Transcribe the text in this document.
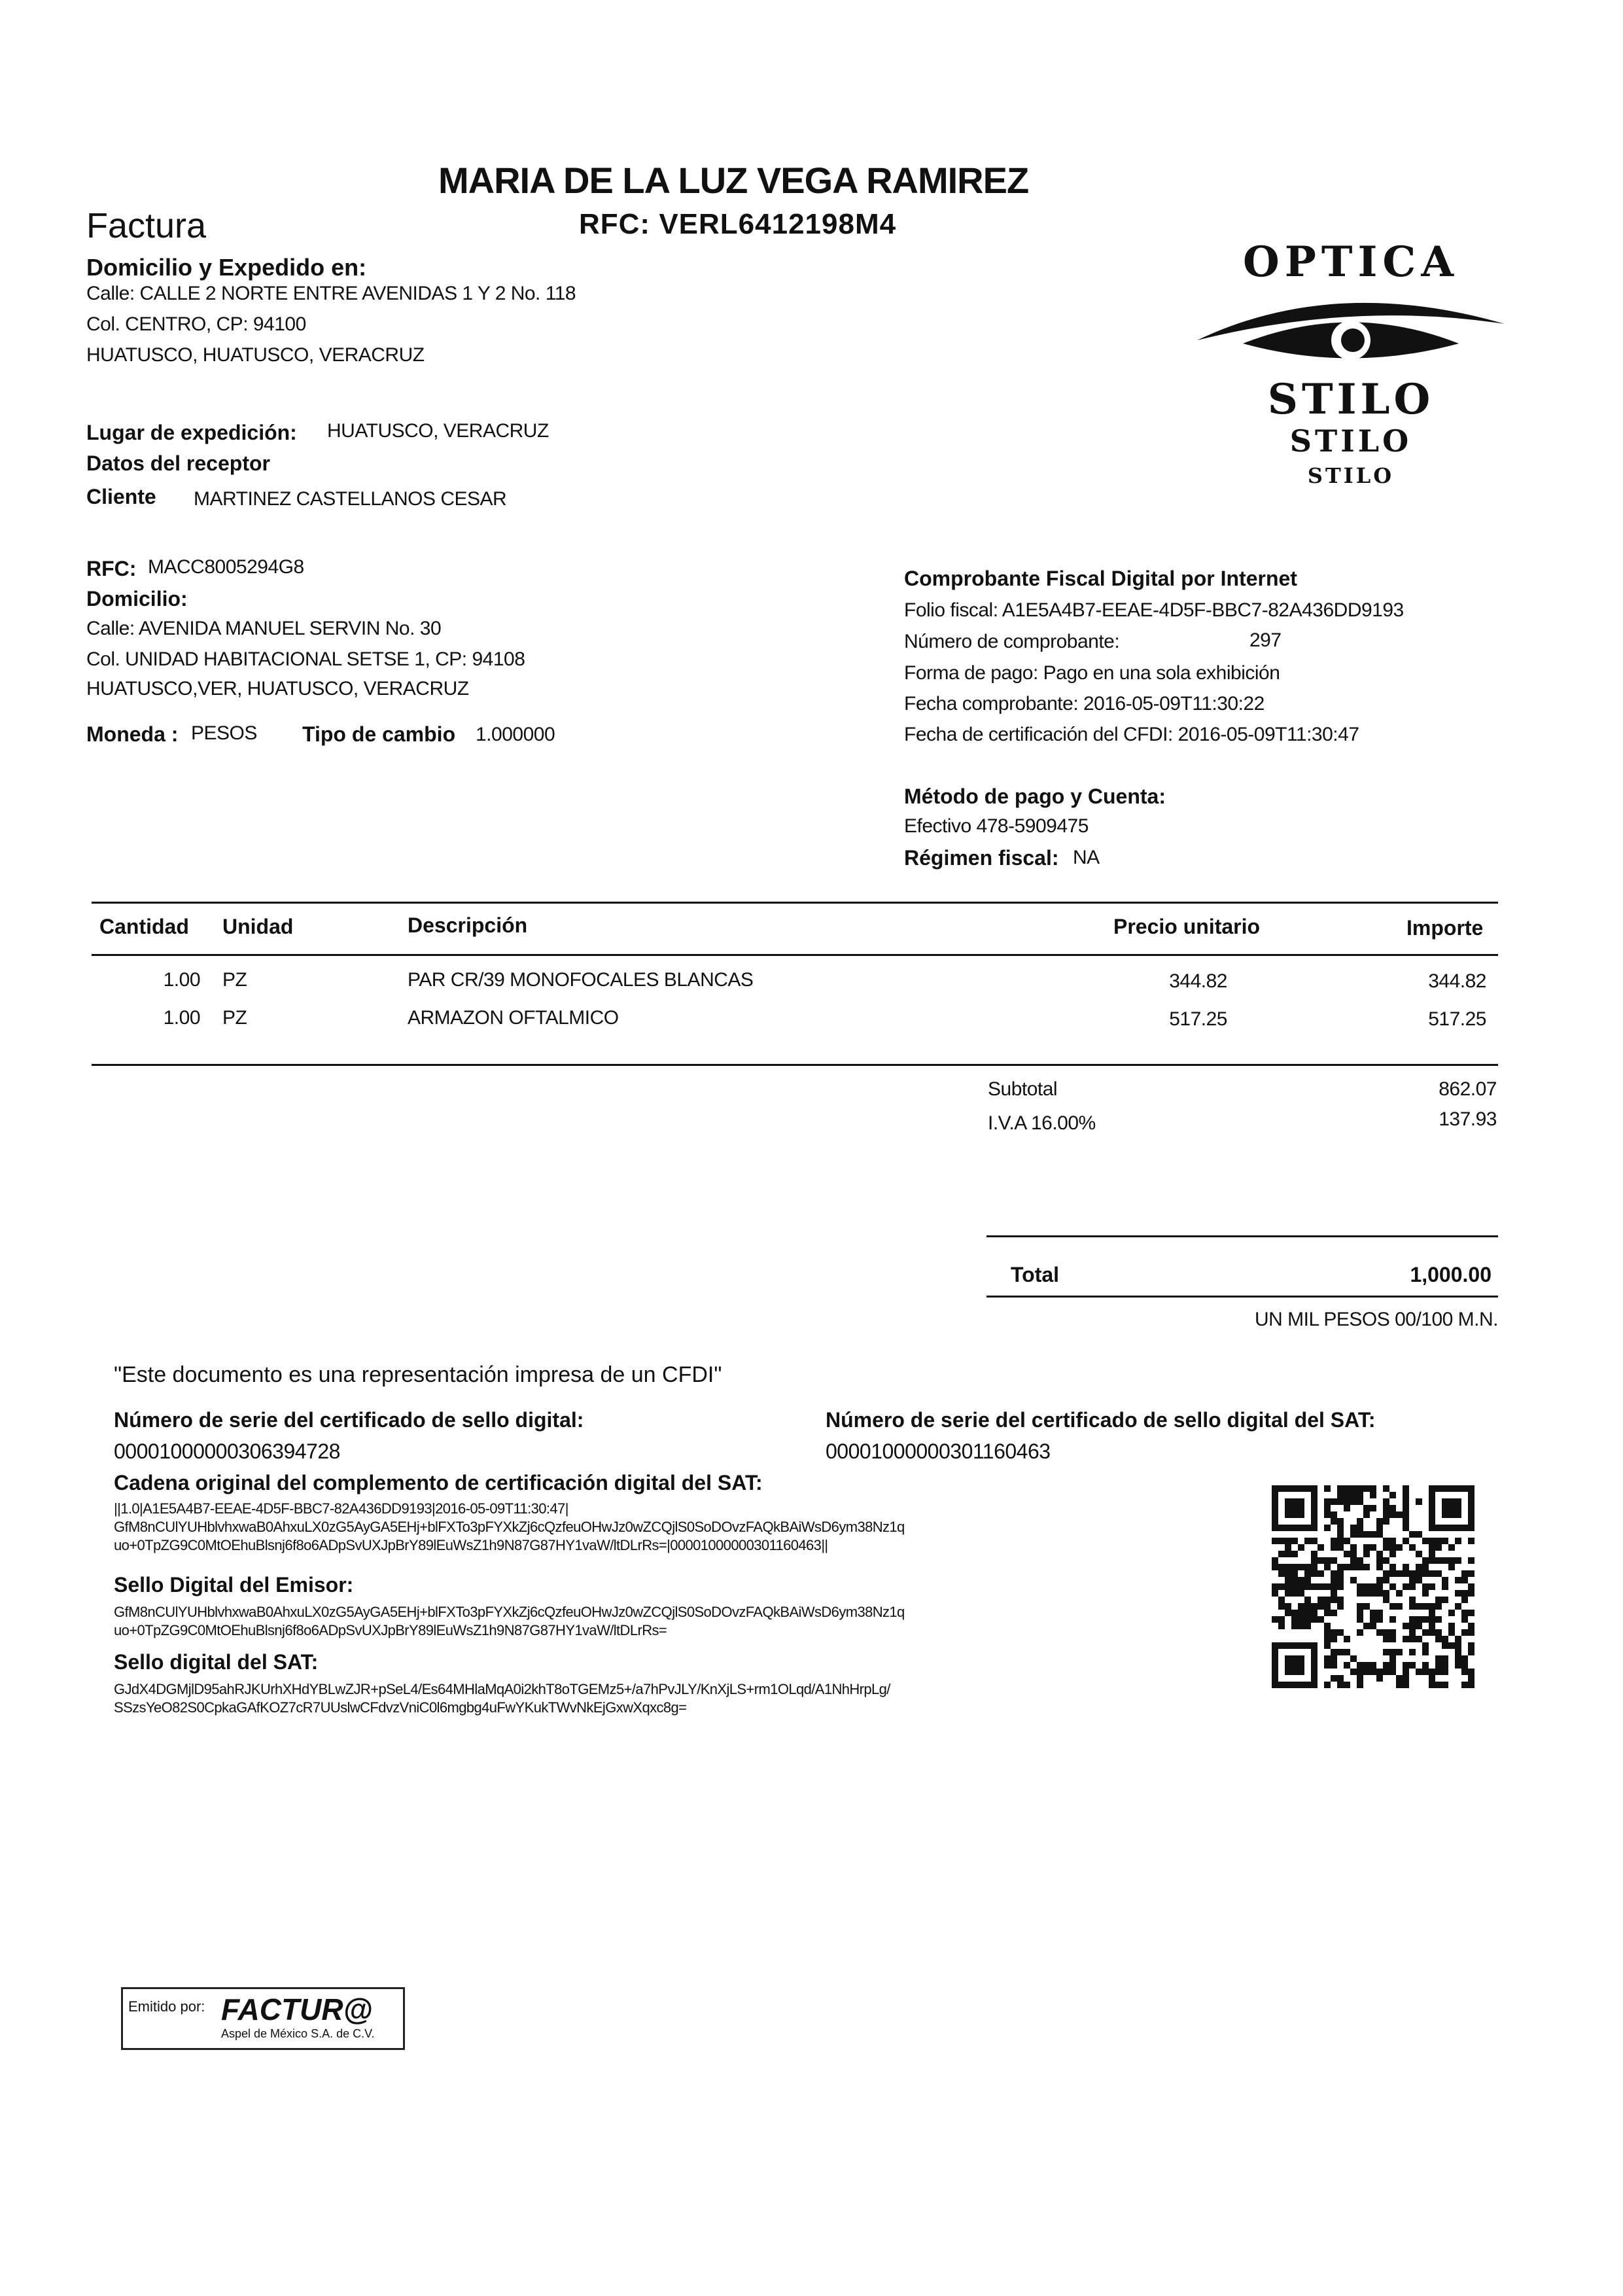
MARIA DE LA LUZ VEGA RAMIREZ
RFC: VERL6412198M4
Factura
Domicilio y Expedido en:
Calle: CALLE 2 NORTE ENTRE AVENIDAS 1 Y 2 No. 118
Col. CENTRO, CP: 94100
HUATUSCO, HUATUSCO, VERACRUZ
OPTICA
STILO
STILO
STILO
Lugar de expedición: HUATUSCO, VERACRUZ
Datos del receptor
Cliente MARTINEZ CASTELLANOS CESAR
RFC: MACC8005294G8
Domicilio:
Calle: AVENIDA MANUEL SERVIN No. 30
Col. UNIDAD HABITACIONAL SETSE 1, CP: 94108
HUATUSCO,VER, HUATUSCO, VERACRUZ
Moneda : PESOS Tipo de cambio 1.000000
Comprobante Fiscal Digital por Internet
Folio fiscal: A1E5A4B7-EEAE-4D5F-BBC7-82A436DD9193
Número de comprobante:	297
Forma de pago: Pago en una sola exhibición
Fecha comprobante: 2016-05-09T11:30:22
Fecha de certificación del CFDI: 2016-05-09T11:30:47
Método de pago y Cuenta:
Efectivo 478-5909475
Régimen fiscal: NA
Cantidad Unidad	Descripción	Precio unitario	Importe
1.00 PZ	PAR CR/39 MONOFOCALES BLANCAS	344.82	344.82
1.00 PZ	ARMAZON OFTALMICO	517.25	517.25
Subtotal	862.07
I.V.A 16.00%	137.93
Total	1,000.00
UN MIL PESOS 00/100 M.N.
"Este documento es una representación impresa de un CFDI"
Número de serie del certificado de sello digital:
00001000000306394728
Número de serie del certificado de sello digital del SAT:
00001000000301160463
Cadena original del complemento de certificación digital del SAT:
||1.0|A1E5A4B7-EEAE-4D5F-BBC7-82A436DD9193|2016-05-09T11:30:47|
GfM8nCUlYUHblvhxwaB0AhxuLX0zG5AyGA5EHj+blFXTo3pFYXkZj6cQzfeuOHwJz0wZCQjlS0SoDOvzFAQkBAiWsD6ym38Nz1q
uo+0TpZG9C0MtOEhuBlsnj6f8o6ADpSvUXJpBrY89lEuWsZ1h9N87G87HY1vaW/ltDLrRs=|00001000000301160463||
Sello Digital del Emisor:
GfM8nCUlYUHblvhxwaB0AhxuLX0zG5AyGA5EHj+blFXTo3pFYXkZj6cQzfeuOHwJz0wZCQjlS0SoDOvzFAQkBAiWsD6ym38Nz1q
uo+0TpZG9C0MtOEhuBlsnj6f8o6ADpSvUXJpBrY89lEuWsZ1h9N87G87HY1vaW/ltDLrRs=
Sello digital del SAT:
GJdX4DGMjlD95ahRJKUrhXHdYBLwZJR+pSeL4/Es64MHlaMqA0i2khT8oTGEMz5+/a7hPvJLY/KnXjLS+rm1OLqd/A1NhHrpLg/
SSzsYeO82S0CpkaGAfKOZ7cR7UUslwCFdvzVniC0l6mgbg4uFwYKukTWvNkEjGxwXqxc8g=
Emitido por: FACTUR@
Aspel de México S.A. de C.V.
